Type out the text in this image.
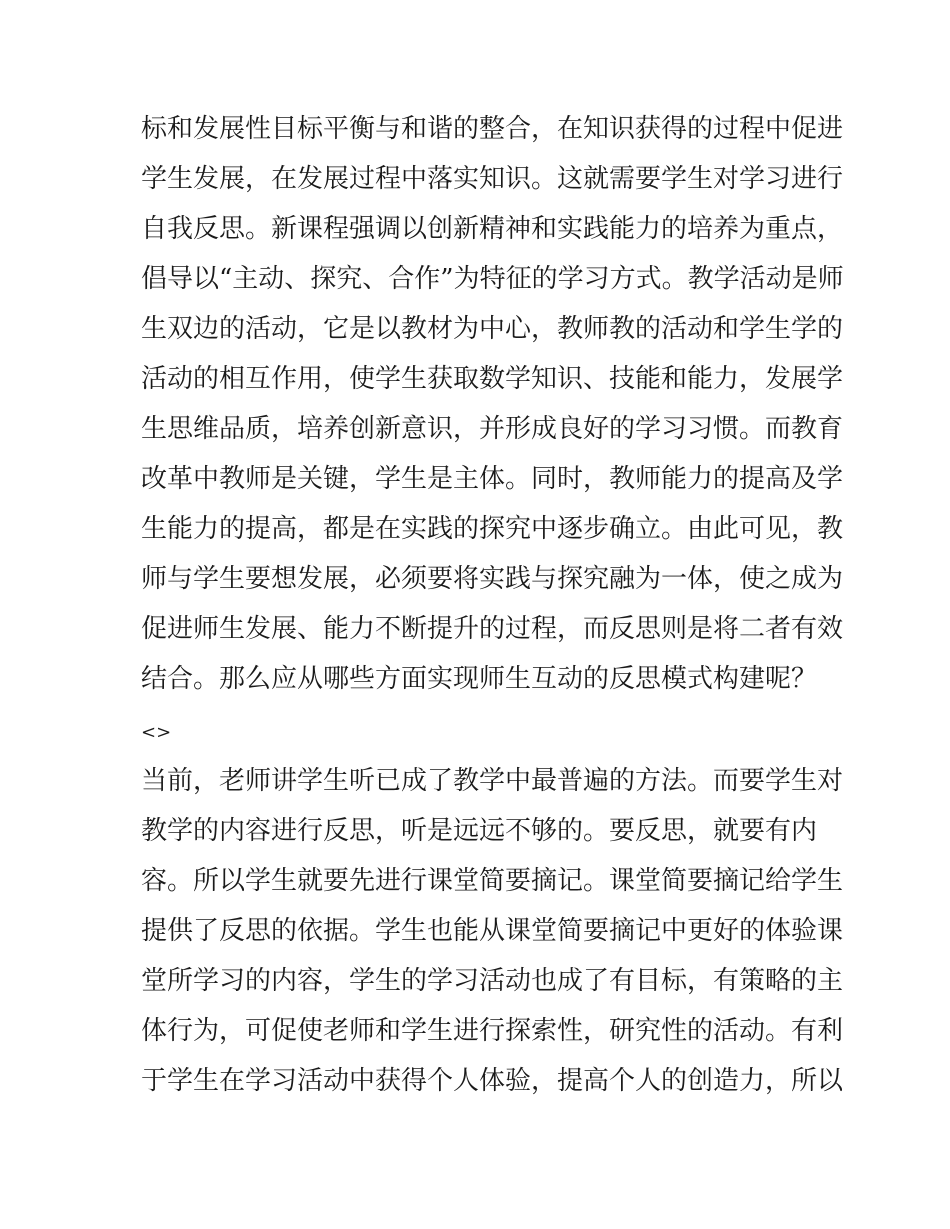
标和发展性目标平衡与和谐的整合，在知识获得的过程中促进
学生发展，在发展过程中落实知识。这就需要学生对学习进行
自我反思。新课程强调以创新精神和实践能力的培养为重点，
倡导以“主动、探究、合作”为特征的学习方式。教学活动是师
生双边的活动，它是以教材为中心，教师教的活动和学生学的
活动的相互作用，使学生获取数学知识、技能和能力，发展学
生思维品质，培养创新意识，并形成良好的学习习惯。而教育
改革中教师是关键，学生是主体。同时，教师能力的提高及学
生能力的提高，都是在实践的探究中逐步确立。由此可见，教
师与学生要想发展，必须要将实践与探究融为一体，使之成为
促进师生发展、能力不断提升的过程，而反思则是将二者有效
结合。那么应从哪些方面实现师生互动的反思模式构建呢？
<>
当前，老师讲学生听已成了教学中最普遍的方法。而要学生对
教学的内容进行反思，听是远远不够的。要反思，就要有内
容。所以学生就要先进行课堂简要摘记。课堂简要摘记给学生
提供了反思的依据。学生也能从课堂简要摘记中更好的体验课
堂所学习的内容，学生的学习活动也成了有目标，有策略的主
体行为，可促使老师和学生进行探索性，研究性的活动。有利
于学生在学习活动中获得个人体验，提高个人的创造力，所以
